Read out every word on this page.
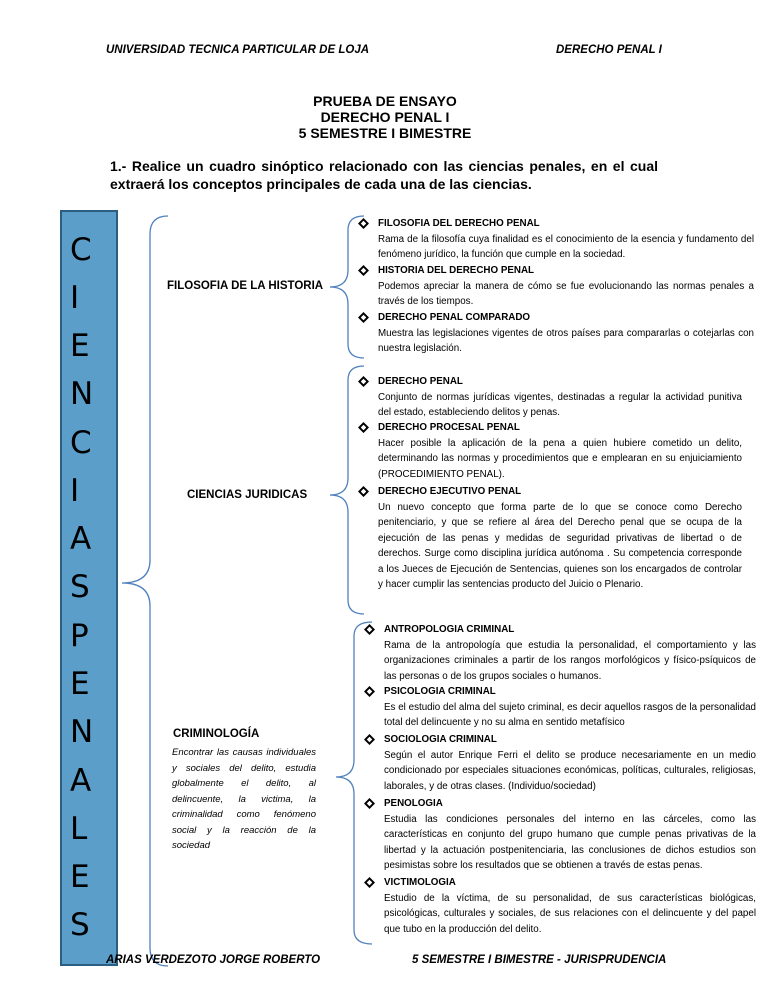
UNIVERSIDAD TECNICA PARTICULAR DE LOJA	DERECHO PENAL I
PRUEBA DE ENSAYO
DERECHO PENAL I
5 SEMESTRE I BIMESTRE
1.- Realice un cuadro sinóptico relacionado con las ciencias penales, en el cual extraerá los conceptos principales de cada una de las ciencias.
C
I
E
N
C
I
A
S
P
E
N
A
L
E
S
FILOSOFIA DE LA HISTORIA
CIENCIAS JURIDICAS
CRIMINOLOGÍA
Encontrar las causas individuales y sociales del delito, estudia globalmente el delito, al delincuente, la victima, la criminalidad como fenómeno social y la reacción de la sociedad
FILOSOFIA DEL DERECHO PENAL
Rama de la filosofía cuya finalidad es el conocimiento de la esencia y fundamento del fenómeno jurídico, la función que cumple en la sociedad.
HISTORIA DEL DERECHO PENAL
Podemos apreciar la manera de cómo se fue evolucionando las normas penales a través de los tiempos.
DERECHO PENAL COMPARADO
Muestra las legislaciones vigentes de otros países para compararlas o cotejarlas con nuestra legislación.
DERECHO PENAL
Conjunto de normas jurídicas vigentes, destinadas a regular la actividad punitiva del estado, estableciendo delitos y penas.
DERECHO PROCESAL PENAL
Hacer posible la aplicación de la pena a quien hubiere cometido un delito, determinando las normas y procedimientos que e emplearan en su enjuiciamiento (PROCEDIMIENTO PENAL).
DERECHO EJECUTIVO PENAL
Un nuevo concepto que forma parte de lo que se conoce como Derecho penitenciario, y que se refiere al área del Derecho penal que se ocupa de la ejecución de las penas y medidas de seguridad privativas de libertad o de derechos. Surge como disciplina jurídica autónoma . Su competencia corresponde a los Jueces de Ejecución de Sentencias, quienes son los encargados de controlar y hacer cumplir las sentencias producto del Juicio o Plenario.
ANTROPOLOGIA CRIMINAL
Rama de la antropología que estudia la personalidad, el comportamiento y las organizaciones criminales a partir de los rangos morfológicos y físico-psíquicos de las personas o de los grupos sociales o humanos.
PSICOLOGIA CRIMINAL
Es el estudio del alma del sujeto criminal, es decir aquellos rasgos de la personalidad total del delincuente y no su alma en sentido metafísico
SOCIOLOGIA CRIMINAL
Según el autor Enrique Ferri el delito se produce necesariamente en un medio condicionado por especiales situaciones económicas, políticas, culturales, religiosas, laborales, y de otras clases. (Individuo/sociedad)
PENOLOGIA
Estudia las condiciones personales del interno en las cárceles, como las características en conjunto del grupo humano que cumple penas privativas de la libertad y la actuación postpenitenciaria, las conclusiones de dichos estudios son pesimistas sobre los resultados que se obtienen a través de estas penas.
VICTIMOLOGIA
Estudio de la víctima, de su personalidad, de sus características biológicas, psicológicas, culturales y sociales, de sus relaciones con el delincuente y del papel que tubo en la producción del delito.
ARIAS VERDEZOTO JORGE ROBERTO	5 SEMESTRE I BIMESTRE - JURISPRUDENCIA
